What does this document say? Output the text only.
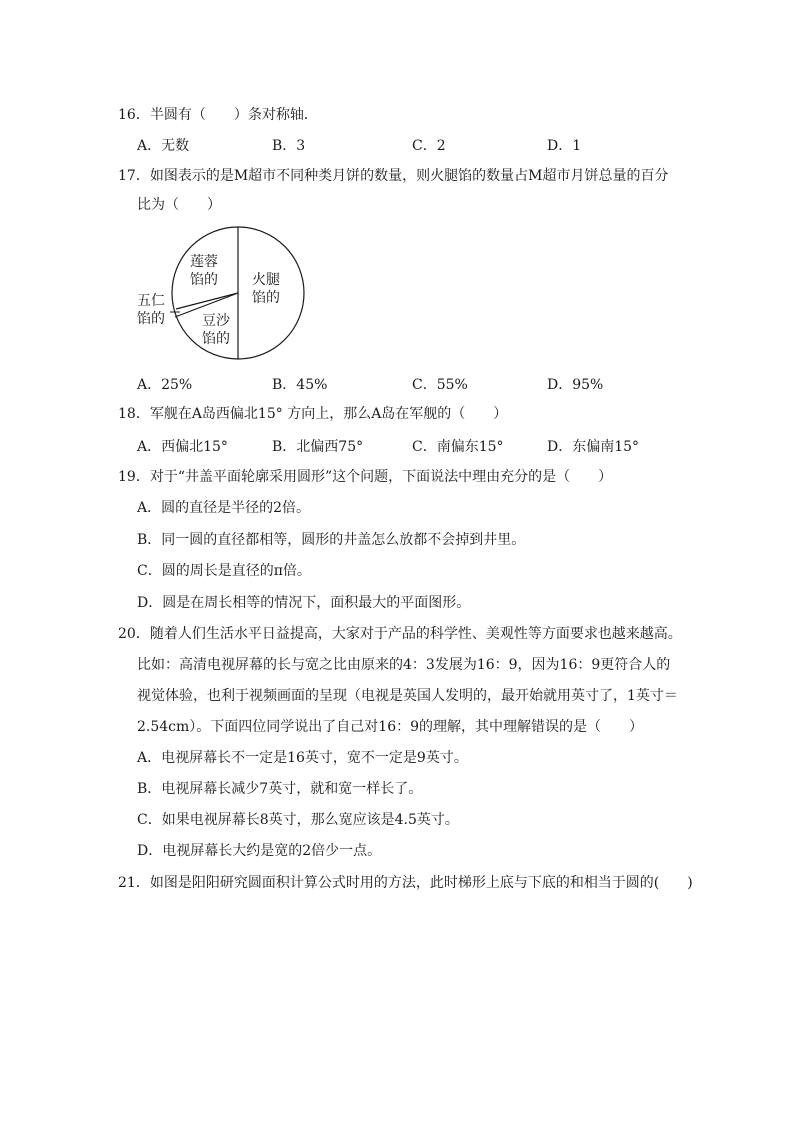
16．半圆有（　　）条对称轴．
A．无数	B．3	C．2	D．1
17．如图表示的是M超市不同种类月饼的数量，则火腿馅的数量占M超市月饼总量的百分
比为（　　）
火腿
馅的
莲蓉
馅的
豆沙
馅的
五仁
馅的
A．25%	B．45%	C．55%	D．95%
18．军舰在A岛西偏北15° 方向上，那么A岛在军舰的（　　）
A．西偏北15°	B．北偏西75°	C．南偏东15°	D．东偏南15°
19．对于“井盖平面轮廓采用圆形”这个问题，下面说法中理由充分的是（　　）
A．圆的直径是半径的2倍。
B．同一圆的直径都相等，圆形的井盖怎么放都不会掉到井里。
C．圆的周长是直径的π倍。
D．圆是在周长相等的情况下，面积最大的平面图形。
20．随着人们生活水平日益提高，大家对于产品的科学性、美观性等方面要求也越来越高。
比如：高清电视屏幕的长与宽之比由原来的4：3发展为16：9，因为16：9更符合人的
视觉体验，也利于视频画面的呈现（电视是英国人发明的，最开始就用英寸了，1英寸＝
2.54cm）。下面四位同学说出了自己对16：9的理解，其中理解错误的是（　　）
A．电视屏幕长不一定是16英寸，宽不一定是9英寸。
B．电视屏幕长减少7英寸，就和宽一样长了。
C．如果电视屏幕长8英寸，那么宽应该是4.5英寸。
D．电视屏幕长大约是宽的2倍少一点。
21．如图是阳阳研究圆面积计算公式时用的方法，此时梯形上底与下底的和相当于圆的(　　)
